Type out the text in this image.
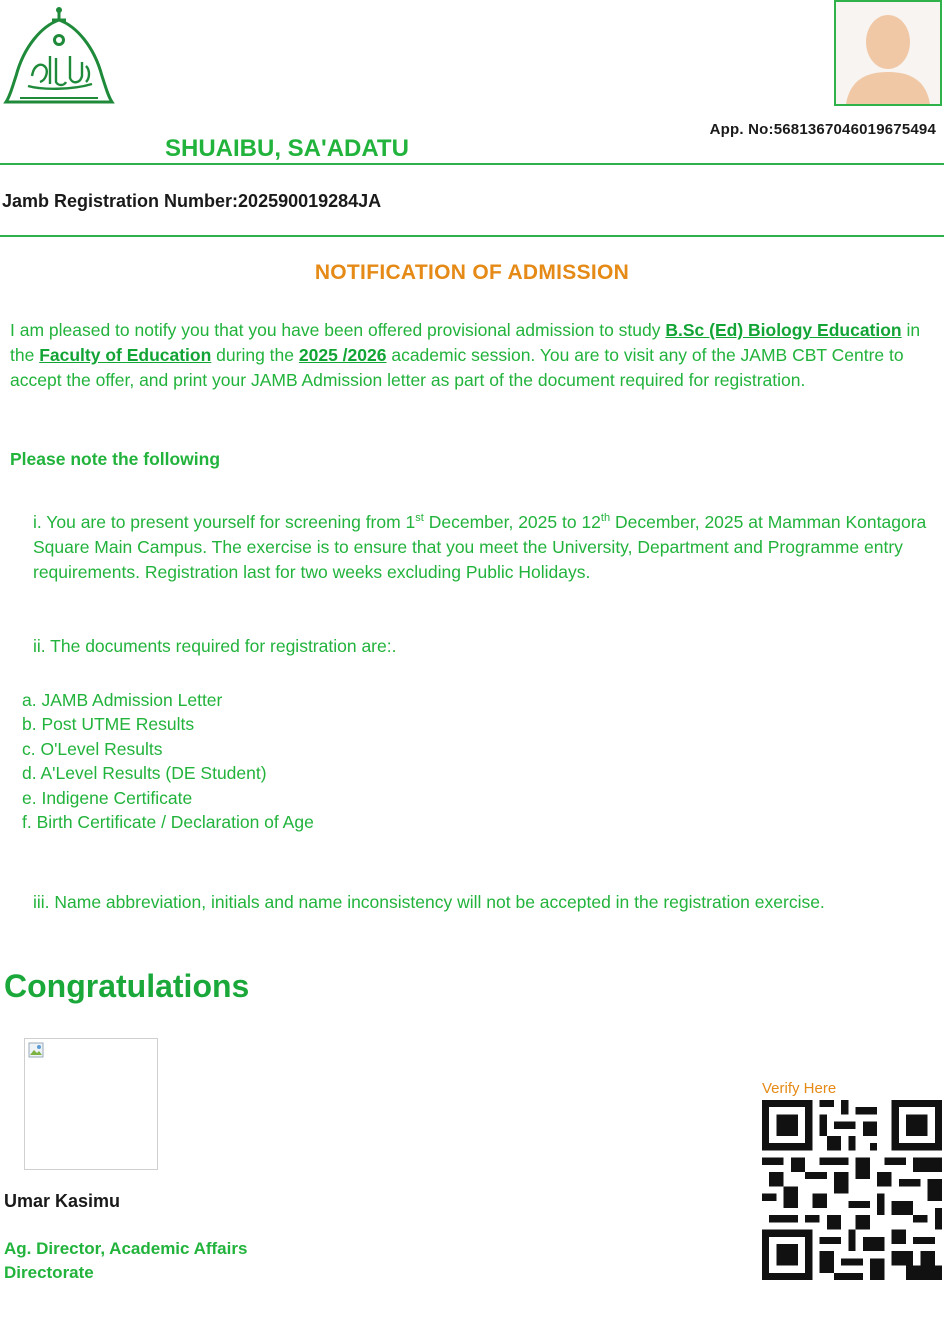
App. No:568136704601967549​4
SHUAIBU, SA'ADATU
Jamb Registration Number:202590019284JA
NOTIFICATION OF ADMISSION
I am pleased to notify you that you have been offered provisional admission to study B.Sc (Ed) Biology Education in the Faculty of Education during the 2025 /2026 academic session. You are to visit any of the JAMB CBT Centre to accept the offer, and print your JAMB Admission letter as part of the document required for registration.
Please note the following
i. You are to present yourself for screening from 1st December, 2025 to 12th December, 2025 at Mamman Kontagora Square Main Campus. The exercise is to ensure that you meet the University, Department and Programme entry requirements. Registration last for two weeks excluding Public Holidays.
ii. The documents required for registration are:.
a. JAMB Admission Letter
b. Post UTME Results
c. O'Level Results
d. A'Level Results (DE Student)
e. Indigene Certificate
f. Birth Certificate / Declaration of Age
iii. Name abbreviation, initials and name inconsistency will not be accepted in the registration exercise.
Congratulations
Umar Kasimu
Ag. Director, Academic Affairs
Directorate
Verify Here
